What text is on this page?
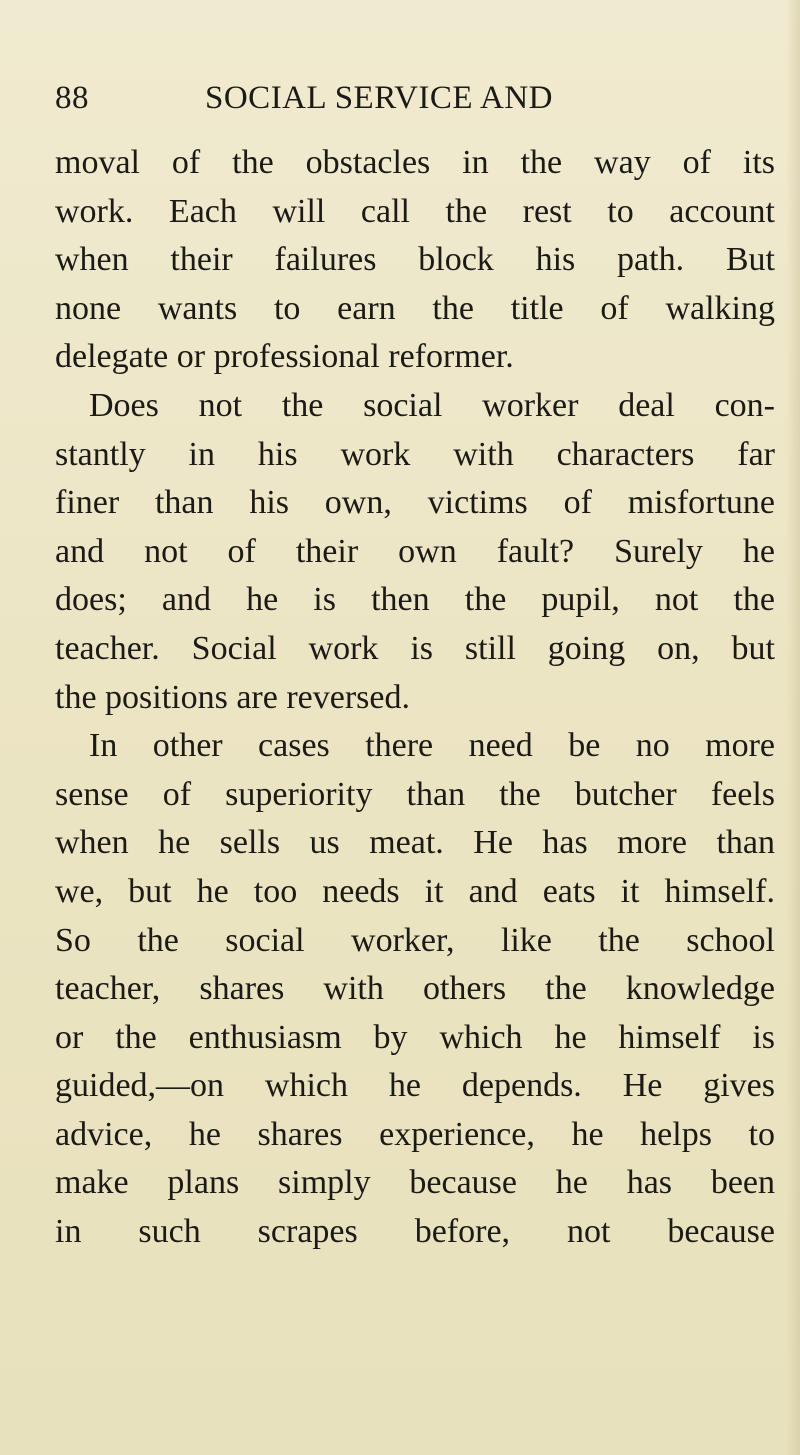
88	SOCIAL SERVICE AND
moval of the obstacles in the way of its
work. Each will call the rest to account
when their failures block his path. But
none wants to earn the title of walking
delegate or professional reformer.
Does not the social worker deal con-
stantly in his work with characters far
finer than his own, victims of misfortune
and not of their own fault? Surely he
does; and he is then the pupil, not the
teacher. Social work is still going on, but
the positions are reversed.
In other cases there need be no more
sense of superiority than the butcher feels
when he sells us meat. He has more than
we, but he too needs it and eats it himself.
So the social worker, like the school
teacher, shares with others the knowledge
or the enthusiasm by which he himself is
guided,—on which he depends. He gives
advice, he shares experience, he helps to
make plans simply because he has been
in such scrapes before, not because
